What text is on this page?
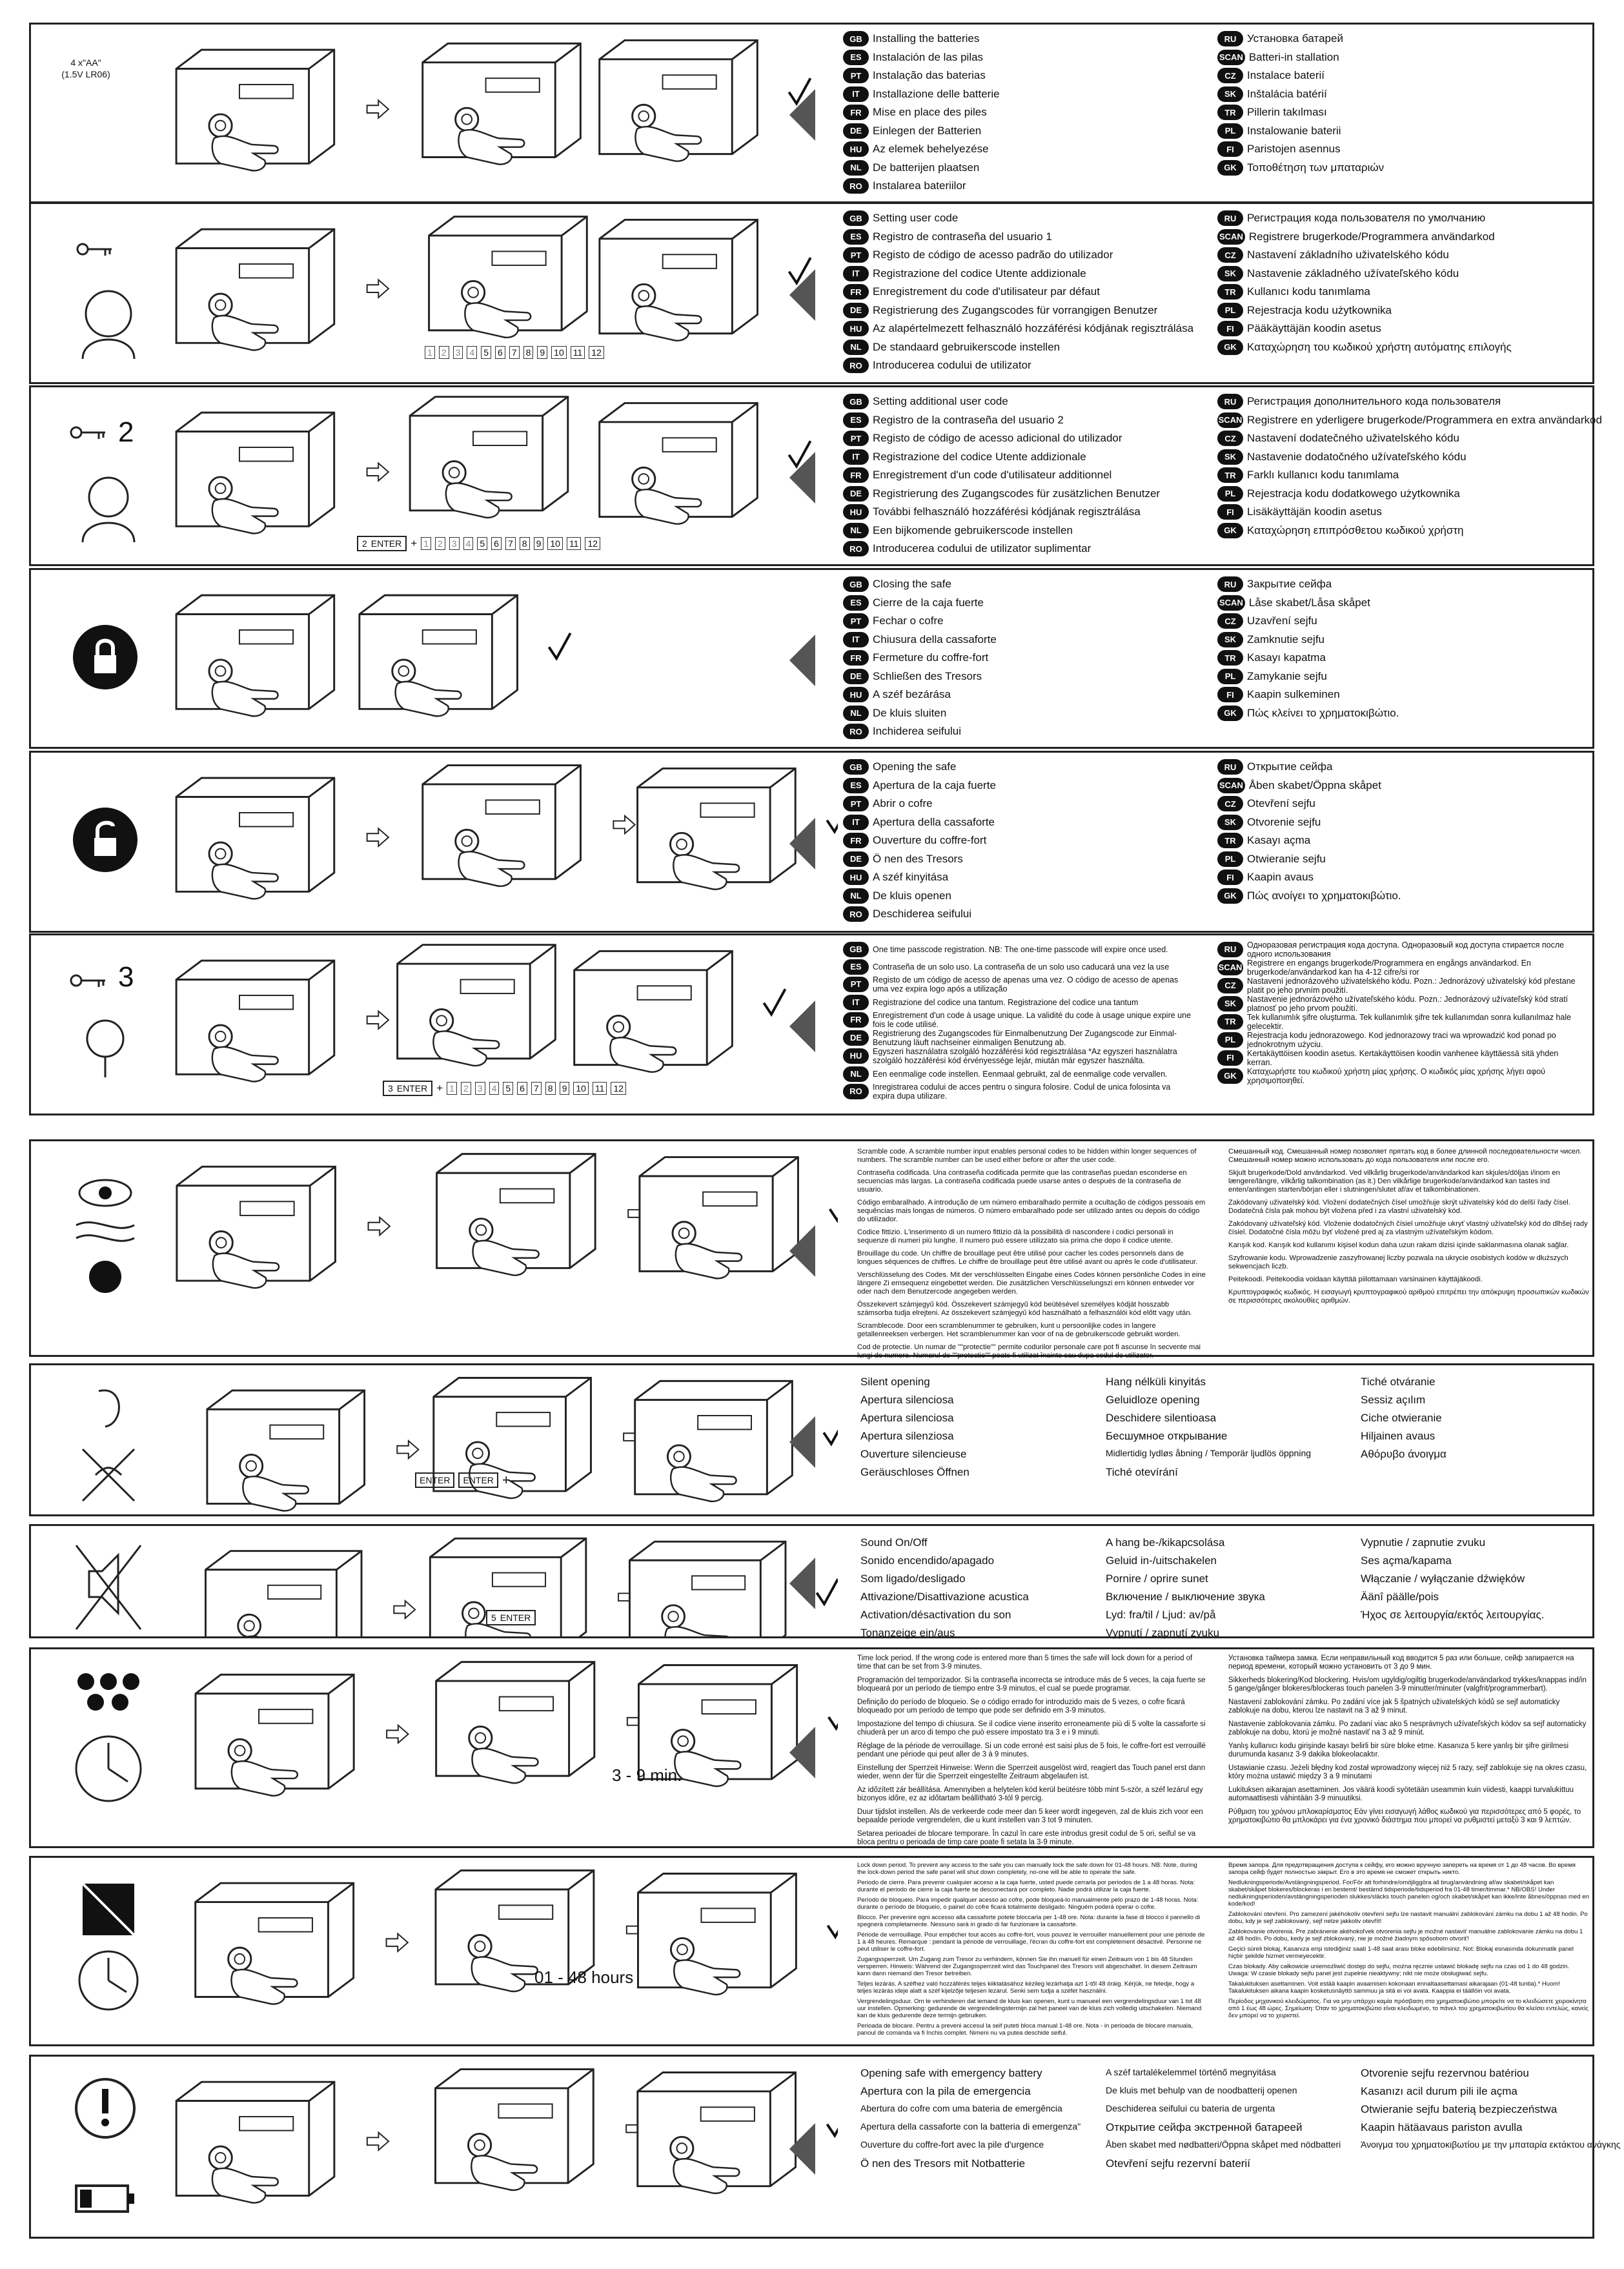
GB Installing the batteries
ES	Instalación de las pilas
PT	Instalação das baterias
IT	Installazione delle batterie
FR	Mise en place des piles
DE Einlegen der Batterien
HU Az elemek behelyezése
NL	De batterijen plaatsen
RO Instalarea bateriilor
RU Установка батарей
SCAN Batteri-in stallation
CZ	Instalace baterií
SK Inštalácia batérií
TR	Pillerin takılması
PL	Instalowanie baterii
FI	Paristojen asennus
GK Τοποθέτηση των μπαταριών
4 x"AA"
(1.5V LR06)
GB Setting user code
ES	Registro de contraseña del usuario 1
PT	Registo de código de acesso padrão do utilizador
IT	Registrazione del codice Utente addizionale
FR	Enregistrement du code d'utilisateur par défaut
DE Registrierung des Zugangscodes für vorrangigen Benutzer
HU Az alapértelmezett felhasználó hozzáférési kódjának regisztrálása
NL	De standaard gebruikerscode instellen
RO Introducerea codului de utilizator
RU Регистрация кода пользователя по умолчанию
SCAN Registrere brugerkode/Programmera användarkod
CZ	Nastavení základního uživatelského kódu
SK Nastavenie základného užívateľského kódu
TR	Kullanıcı kodu tanımlama
PL	Rejestracja kodu użytkownika
FI	Pääkäyttäjän koodin asetus
GK Καταχώρηση του κωδικού χρήστη αυτόματης επιλογής
1 2 3 4 5 6 7 8 9 10 11 12
GB Setting additional user code
ES	Registro de la contraseña del usuario 2
PT	Registo de código de acesso adicional do utilizador
IT	Registrazione del codice Utente addizionale
FR	Enregistrement d'un code d'utilisateur additionnel
DE Registrierung des Zugangscodes für zusätzlichen Benutzer
HU További felhasználó hozzáférési kódjának regisztrálása
NL	Een bijkomende gebruikerscode instellen
RO Introducerea codului de utilizator suplimentar
RU Регистрация дополнительного кода пользователя
SCAN Registrere en yderligere brugerkode/Programmera en extra användarkod
CZ	Nastavení dodatečného uživatelského kódu
SK Nastavenie dodatočného užívateľského kódu
TR	Farklı kullanıcı kodu tanımlama
PL	Rejestracja kodu dodatkowego użytkownika
FI	Lisäkäyttäjän koodin asetus
GK Καταχώρηση επιπρόσθετου κωδικού χρήστη
2
2 ENTER + 1 2 3 4 5 6 7 8 9 10 11 12
GB Closing the safe
ES	Cierre de la caja fuerte
PT	Fechar o cofre
IT	Chiusura della cassaforte
FR	Fermeture du coffre-fort
DE Schließen des Tresors
HU A széf bezárása
NL	De kluis sluiten
RO Inchiderea seifului
RU Закрытие сейфа
SCAN Låse skabet/Låsa skåpet
CZ	Uzavření sejfu
SK Zamknutie sejfu
TR	Kasayı kapatma
PL	Zamykanie sejfu
FI	Kaapin sulkeminen
GK Πώς κλείνει το χρηματοκιβώτιο.
GB Opening the safe
ES	Apertura de la caja fuerte
PT	Abrir o cofre
IT	Apertura della cassaforte
FR	Ouverture du coffre-fort
DE Ö nen des Tresors
HU A széf kinyitása
NL	De kluis openen
RO Deschiderea seifului
RU Открытие сейфа
SCAN Åben skabet/Öppna skåpet
CZ	Otevření sejfu
SK Otvorenie sejfu
TR	Kasayı açma
PL	Otwieranie sejfu
FI	Kaapin avaus
GK Πώς ανοίγει το χρηματοκιβώτιο.
GB	One time passcode registration. NB: The one-time passcode will expire once used.
ES	Contraseña de un solo uso. La contraseña de un solo uso caducará una vez la use
PT	Registo de um código de acesso de apenas uma vez. O código de acesso de apenas uma vez expira logo após a utilização
IT	Registrazione del codice una tantum. Registrazione del codice una tantum
FR	Enregistrement d'un code à usage unique. La validité du code à usage unique expire une fois le code utilisé.
DE	Registrierung des Zugangscodes für Einmalbenutzung Der Zugangscode zur Einmal-Benutzung läuft nachseiner einmaligen Benutzung ab.
HU	Egyszeri használatra szolgáló hozzáférési kód regisztrálása *Az egyszeri használatra szolgáló hozzáférési kód érvényessége lejár, miután már egyszer használta.
NL	Een eenmalige code instellen. Eenmaal gebruikt, zal de eenmalige code vervallen.
RO	Inregistrarea codului de acces pentru o singura folosire. Codul de unica folosinta va expira dupa utilizare.
RU	Одноразовая регистрация кода доступа. Одноразовый код доступа стирается после одного использования
SCAN Registrere en engangs brugerkode/Programmera en engångs användarkod. En brugerkode/användarkod kan ha 4-12 cifre/si ror
CZ	Nastavení jednorázového uživatelského kódu. Pozn.: Jednorázový uživatelský kód přestane platit po jeho prvním použití.
SK	Nastavenie jednorázového užívateľského kódu. Pozn.: Jednorázový užívateľský kód stratí platnosť po jeho prvom použití.
TR	Tek kullanımlık şifre oluşturma. Tek kullanımlık şifre tek kullanımdan sonra kullanılmaz hale gelecektir.
PL	Rejestracja kodu jednorazowego. Kod jednorazowy traci wa wprowadzić kod ponad po jednokrotnym użyciu.
FI	Kertakäyttöisen koodin asetus. Kertakäyttöisen koodin vanhenee käyttäessä sitä yhden kerran.
GK	Καταχωρήστε του κωδικού χρήστη μίας χρήσης. Ο κωδικός μίας χρήσης λήγει αφού χρησιμοποιηθεί.
3
3 ENTER + 1 2 3 4 5 6 7 8 9 10 11 12
Scramble code. A scramble number input enables personal codes to be hidden within longer sequences of numbers. The scramble number can be used either before or after the user code.
Contraseña codificada. Una contraseña codificada permite que las contraseñas puedan esconderse en secuencias más largas. La contraseña codificada puede usarse antes o después de la contraseña de usuario.
Código embaralhado. A introdução de um número embaralhado permite a ocultação de códigos pessoais em sequências mais longas de números. O número embaralhado pode ser utilizado antes ou depois do código do utilizador.
Codice fittizio. L'inserimento di un numero fittizio dà la possibilità di nascondere i codici personali in sequenze di numeri più lunghe. Il numero può essere utilizzato sia prima che dopo il codice utente.
Brouillage du code. Un chiffre de brouillage peut être utilisé pour cacher les codes personnels dans de longues séquences de chiffres. Le chiffre de brouillage peut être utilisé avant ou après le code d'utilisateur.
Verschlüsselung des Codes. Mit der verschlüsselten Eingabe eines Codes können persönliche Codes in eine längere Zi ernsequenz eingebettet werden. Die zusätzlichen Verschlüsselungszi ern können entweder vor oder nach dem Benutzercode angegeben werden.
Összekevert számjegyű kód. Összekevert számjegyű kód beütésével személyes kódját hosszabb számsorba tudja elrejteni. Az összekevert számjegyű kód használható a felhasználói kód előtt vagy után.
Scramblecode. Door een scramblenummer te gebruiken, kunt u persoonlijke codes in langere getallenreeksen verbergen. Het scramblenummer kan voor of na de gebruikerscode gebruikt worden.
Cod de protectie. Un numar de ""protectie"" permite codurilor personale care pot fi ascunse în secvente mai lungi de numere. Numarul de ""protectie"" poate fi utilizat înainte sau dupa codul de utilizator.
Смешанный код. Смешанный номер позволяет прятать код в более длинной последовательности чисел. Смешанный номер можно использовать до кода пользователя или после его.
Skjult brugerkode/Dold användarkod. Ved vilkårlig brugerkode/användarkod kan skjules/döljas i/inom en længere/längre, vilkårlig talkombination (as it.) Den vilkårlige brugerkode/användarkod kan tastes ind enten/antingen starten/början eller i slutningen/slutet af/av et talkombinationen.
Zakódovaný uživatelský kód. Vložení dodatečných čísel umožňuje skrýt uživatelský kód do delší řady čísel. Dodatečná čísla pak mohou být vložena před i za vlastní uživatelský kód.
Zakódovaný užívateľský kód. Vloženie dodatočných čísiel umožňuje ukryť vlastný užívateľský kód do dlhšej rady čísiel. Dodatočné čísla môžu byť vložené pred aj za vlastným užívateľským kódom.
Karışık kod. Karışık kod kullanımı kişisel kodun daha uzun rakam dizisi içinde saklanmasına olanak sağlar.
Szyfrowanie kodu. Wprowadzenie zaszyfrowanej liczby pozwala na ukrycie osobistych kodów w dłuższych sekwencjach liczb.
Peitekoodi. Peitekoodia voidaan käyttää piilottamaan varsinainen käyttäjäkoodi.
Κρυπτογραφικός κωδικός. Η εισαγωγή κρυπτογραφικού αριθμού επιτρέπει την απόκρυψη προσωπικών κωδικών σε περισσότερες ακολουθίες αριθμών.
Silent opening
Apertura silenciosa
Apertura silenciosa
Apertura silenziosa
Ouverture silencieuse
Geräuschloses Öffnen
Hang nélküli kinyitás
Geluidloze opening
Deschidere silentioasa
Бесшумное открывание
Midlertidig lydløs åbning / Temporär ljudlös öppning
Tiché otevírání
Tiché otváranie
Sessiz açılım
Ciche otwieranie
Hiljainen avaus
Αθόρυβο άνοιγμα
ENTER	ENTER +
Sound On/Off
Sonido encendido/apagado
Som ligado/desligado
Attivazione/Disattivazione acustica
Activation/désactivation du son
Tonanzeige ein/aus
A hang be-/kikapcsolása
Geluid in-/uitschakelen
Pornire / oprire sunet
Включение / выключение звука
Lyd: fra/til / Ljud: av/på
Vypnutí / zapnutí zvuku
Vypnutie / zapnutie zvuku
Ses açma/kapama
Włączanie / wyłączanie dźwięków
Äänî päälle/pois
Ήχος σε λειτουργία/εκτός λειτουργίας.
5 ENTER
Time lock period. If the wrong code is entered more than 5 times the safe will lock down for a period of time that can be set from 3-9 minutes.
Programación del temporizador. Si la contraseña incorrecta se introduce más de 5 veces, la caja fuerte se bloqueará por un período de tiempo entre 3-9 minutos, el cual se puede programar.
Definição do período de bloqueio. Se o código errado for introduzido mais de 5 vezes, o cofre ficará bloqueado por um período de tempo que pode ser definido em 3-9 minutos.
Impostazione del tempo di chiusura. Se il codice viene inserito erroneamente più di 5 volte la cassaforte si chiuderà per un arco di tempo che può essere impostato tra 3 e i 9 minuti.
Réglage de la période de verrouillage. Si un code erroné est saisi plus de 5 fois, le coffre-fort est verrouillé pendant une période qui peut aller de 3 à 9 minutes.
Einstellung der Sperrzeit Hinweise: Wenn die Sperrzeit ausgelöst wird, reagiert das Touch panel erst dann wieder, wenn der für die Sperrzeit eingestellte Zeitraum abgelaufen ist.
Az időzített zár beállítása. Amennyiben a helytelen kód kerül beütésre több mint 5-ször, a széf lezárul egy bizonyos időre, ez az időtartam beállítható 3-tól 9 percig.
Duur tijdslot instellen. Als de verkeerde code meer dan 5 keer wordt ingegeven, zal de kluis zich voor een bepaalde periode vergrendelen, die u kunt instellen van 3 tot 9 minuten.
Setarea perioadei de blocare temporare. În cazul în care este introdus gresit codul de 5 ori, seiful se va bloca pentru o perioada de timp care poate fi setata la 3-9 minute.
Установка таймера замка. Если неправильный код вводится 5 раз или больше, сейф запирается на период времени, который можно установить от 3 до 9 мин.
Sikkerheds blokering/Kod blockering. Hvis/om ugyldig/ogiltig brugerkode/användarkod trykkes/knappas ind/in 5 gange/gånger blokeres/blockeras touch panelen 3-9 minutter/minuter (valgfrit/programmerbart).
Nastavení zablokování zámku. Po zadání více jak 5 špatných uživatelských kódů se sejf automaticky zablokuje na dobu, kterou lze nastavit na 3 až 9 minut.
Nastavenie zablokovania zámku. Po zadaní viac ako 5 nesprávnych užívateľských kódov sa sejf automaticky zablokuje na dobu, ktorú je možné nastaviť na 3 až 9 minút.
Yanlış kullanıcı kodu girişinde kasayı belirli bir süre bloke etme. Kasanıza 5 kere yanlış bir şifre girilmesi durumunda kasanız 3-9 dakika blokeolacaktır.
Ustawianie czasu. Jeżeli błędny kod został wprowadzony więcej niż 5 razy, sejf zablokuje się na okres czasu, który można ustawić między 3 a 9 minutami
Lukituksen aikarajan asettaminen. Jos väärä koodi syötetään useammin kuin viidesti, kaappi turvalukittuu automaattisesti vähintään 3-9 minuutiksi.
Ρύθμιση του χρόνου μπλοκαρίσματος Εάν γίνει εισαγωγή λάθος κωδικού για περισσότερες από 5 φορές, το χρηματοκιβώτιο θα μπλοκάρει για ένα χρονικό διάστημα που μπορεί να ρυθμιστεί μεταξύ 3 και 9 λεπτών.
3 - 9 min.
Lock down period. To prevent any access to the safe you can manually lock the safe down for 01-48 hours. NB: Note, during the lock-down period the safe panel will shut down completely, no-one will be able to operate the safe.
Periodo de cierre. Para prevenir cualquier acceso a la caja fuerte, usted puede cerrarla por periodos de 1 a 48 horas. Nota: durante el periodo de cierre la caja fuerte se desconectará por completo. Nadie podrá utilizar la caja fuerte.
Período de bloqueio. Para impedir qualquer acesso ao cofre, pode bloqueá-lo manualmente pelo prazo de 1-48 horas. Nota: durante o período de bloqueio, o painel do cofre ficará totalmente desligado. Ninguém poderá operar o cofre.
Blocco. Per prevenire ogni accesso alla cassaforte potete bloccarla per 1-48 ore. Nota: durante la fase di blocco il pannello di spegnerà completamente. Nessuno sarà in grado di far funzionare la cassaforte.
Période de verrouillage. Pour empêcher tout accès au coffre-fort, vous pouvez le verrouiller manuellement pour une période de 1 à 48 heures. Remarque : pendant la période de verrouillage, l'écran du coffre-fort est complètement désactivé. Personne ne peut utiliser le coffre-fort.
Zugangssperrzeit. Um Zugang zum Tresor zu verhindern, können Sie ihn manuell für einen Zeitraum von 1 bis 48 Stunden versperren. Hinweis: Während der Zugangssperrzeit wird das Touchpanel des Tresors voll abgeschaltet. In diesem Zeitraum kann dann niemand den Tresor betreiben.
Teljes lezárás. A széfhez való hozzáférés teljes kiiktatásához kézileg lezárhatja azt 1-től 48 óráig. Kérjük, ne feledje, hogy a teljes lezárás ideje alatt a széf kijelzője teljesen lezárul. Senki sem tudja a széfet használni.
Vergrendelingsduur. Om te verhinderen dat iemand de kluis kan openen, kunt u manueel een vergrendelingsduur van 1 tot 48 uur instellen. Opmerking: gedurende de vergrendelingstermijn zal het paneel van de kluis zich volledig uitschakelen. Niemand kan de kluis gedurende deze termijn gebruiken.
Perioada de blocare. Pentru a preveni accesul la seif puteti bloca manual 1-48 ore. Nota - in perioada de blocare manuala, panoul de comanda va fi închis complet. Nimeni nu va putea deschide seiful.
Время запора. Для предотвращения доступа к сейфу, его можно вручную запереть на время от 1 до 48 часов. Во время запора сейф будет полностью закрыт. Его в это время не сможет открыть никто.
Nedlukningsperiode/Avstängningsperiod. For/För att forhindre/omöjliggöra all brug/användning af/av skabet/skåpet kan skabet/skåpet blokeres/blockeras i en bestemt/ bestämd tidsperiode/tidsperiod fra 01-48 timer/timmar.* NB/OBS! Under nedlukningsperioden/avstängningsperioden slukkes/släcks touch panelen og/och skabet/skåpet kan ikke/inte åbnes/öppnas med en kode/kod!
Zablokování otevření. Pro zamezení jakéhokoliv otevření sejfu lze nastavit manuální zablokování zámku na dobu 1 až 48 hodin. Po dobu, kdy je sejf zablokovaný, sejf nelze jakkoliv otevřít!
Zablokovanie otvorenia. Pre zabránenie akéhokoľvek otvorenia sejfu je možné nastaviť manuálne zablokovanie zámku na dobu 1 až 48 hodín. Po dobu, kedy je sejf zblokovaný, nie je možné žiadnym spôsobom otvoriť!
Geçici süreli blokaj. Kasanıza erişi istediğiniz saati 1-48 saat arası bloke edebilirsiniz. Not: Blokaj esnasında dokunmatik panel hiçbir şekilde hizmet vermeyecektir.
Czas blokady. Aby całkowicie uniemożliwić dostęp do sejfu, można ręcznie ustawić blokadę sejfu na czas od 1 do 48 godzin. Uwaga: W czasie blokady sejfu panel jest zupełnie nieaktywny; nikt nie może obsługiwać sejfu.
Takalukituksen asettaminen. Voit estää kaapin avaamisen kokonaan ennaltaasettamasi aikarajaan (01-48 tuntia).* Huom! Takalukituksen aikana kaapin kosketusnäyttö sammuu ja sitä ei voi avata. Kaappia ei täällöin voi avata.
Περίοδος μηχανικού κλειδώματος. Για να μην υπάρχει καμία πρόσβαση στο χρηματοκιβώτιο μπορείτε να το κλειδώσετε χειροκίνητα από 1 έως 48 ώρες. Σημείωση: Όταν το χρηματοκιβώτιο είναι κλειδωμένο, το πάνελ του χρηματοκιβωτίου θα κλείσει εντελώς, κανείς δεν μπορεί να το χειριστεί.
01 - 48 hours
Opening safe with emergency battery
Apertura con la pila de emergencia
Abertura do cofre com uma bateria de emergência
Apertura della cassaforte con la batteria di emergenza"
Ouverture du coffre-fort avec la pile d'urgence
Ö nen des Tresors mit Notbatterie
A széf tartalékelemmel történő megnyitása
De kluis met behulp van de noodbatterij openen
Deschiderea seifului cu bateria de urgenta
Открытие сейфа экстренной батареей
Åben skabet med nødbatteri/Öppna skåpet med nödbatteri
Otevření sejfu rezervní baterií
Otvorenie sejfu rezervnou batériou
Kasanızı acil durum pili ile açma
Otwieranie sejfu baterią bezpieczeństwa
Kaapin hätäavaus pariston avulla
Άνοιγμα του χρηματοκιβωτίου με την μπαταρία εκτάκτου ανάγκης
